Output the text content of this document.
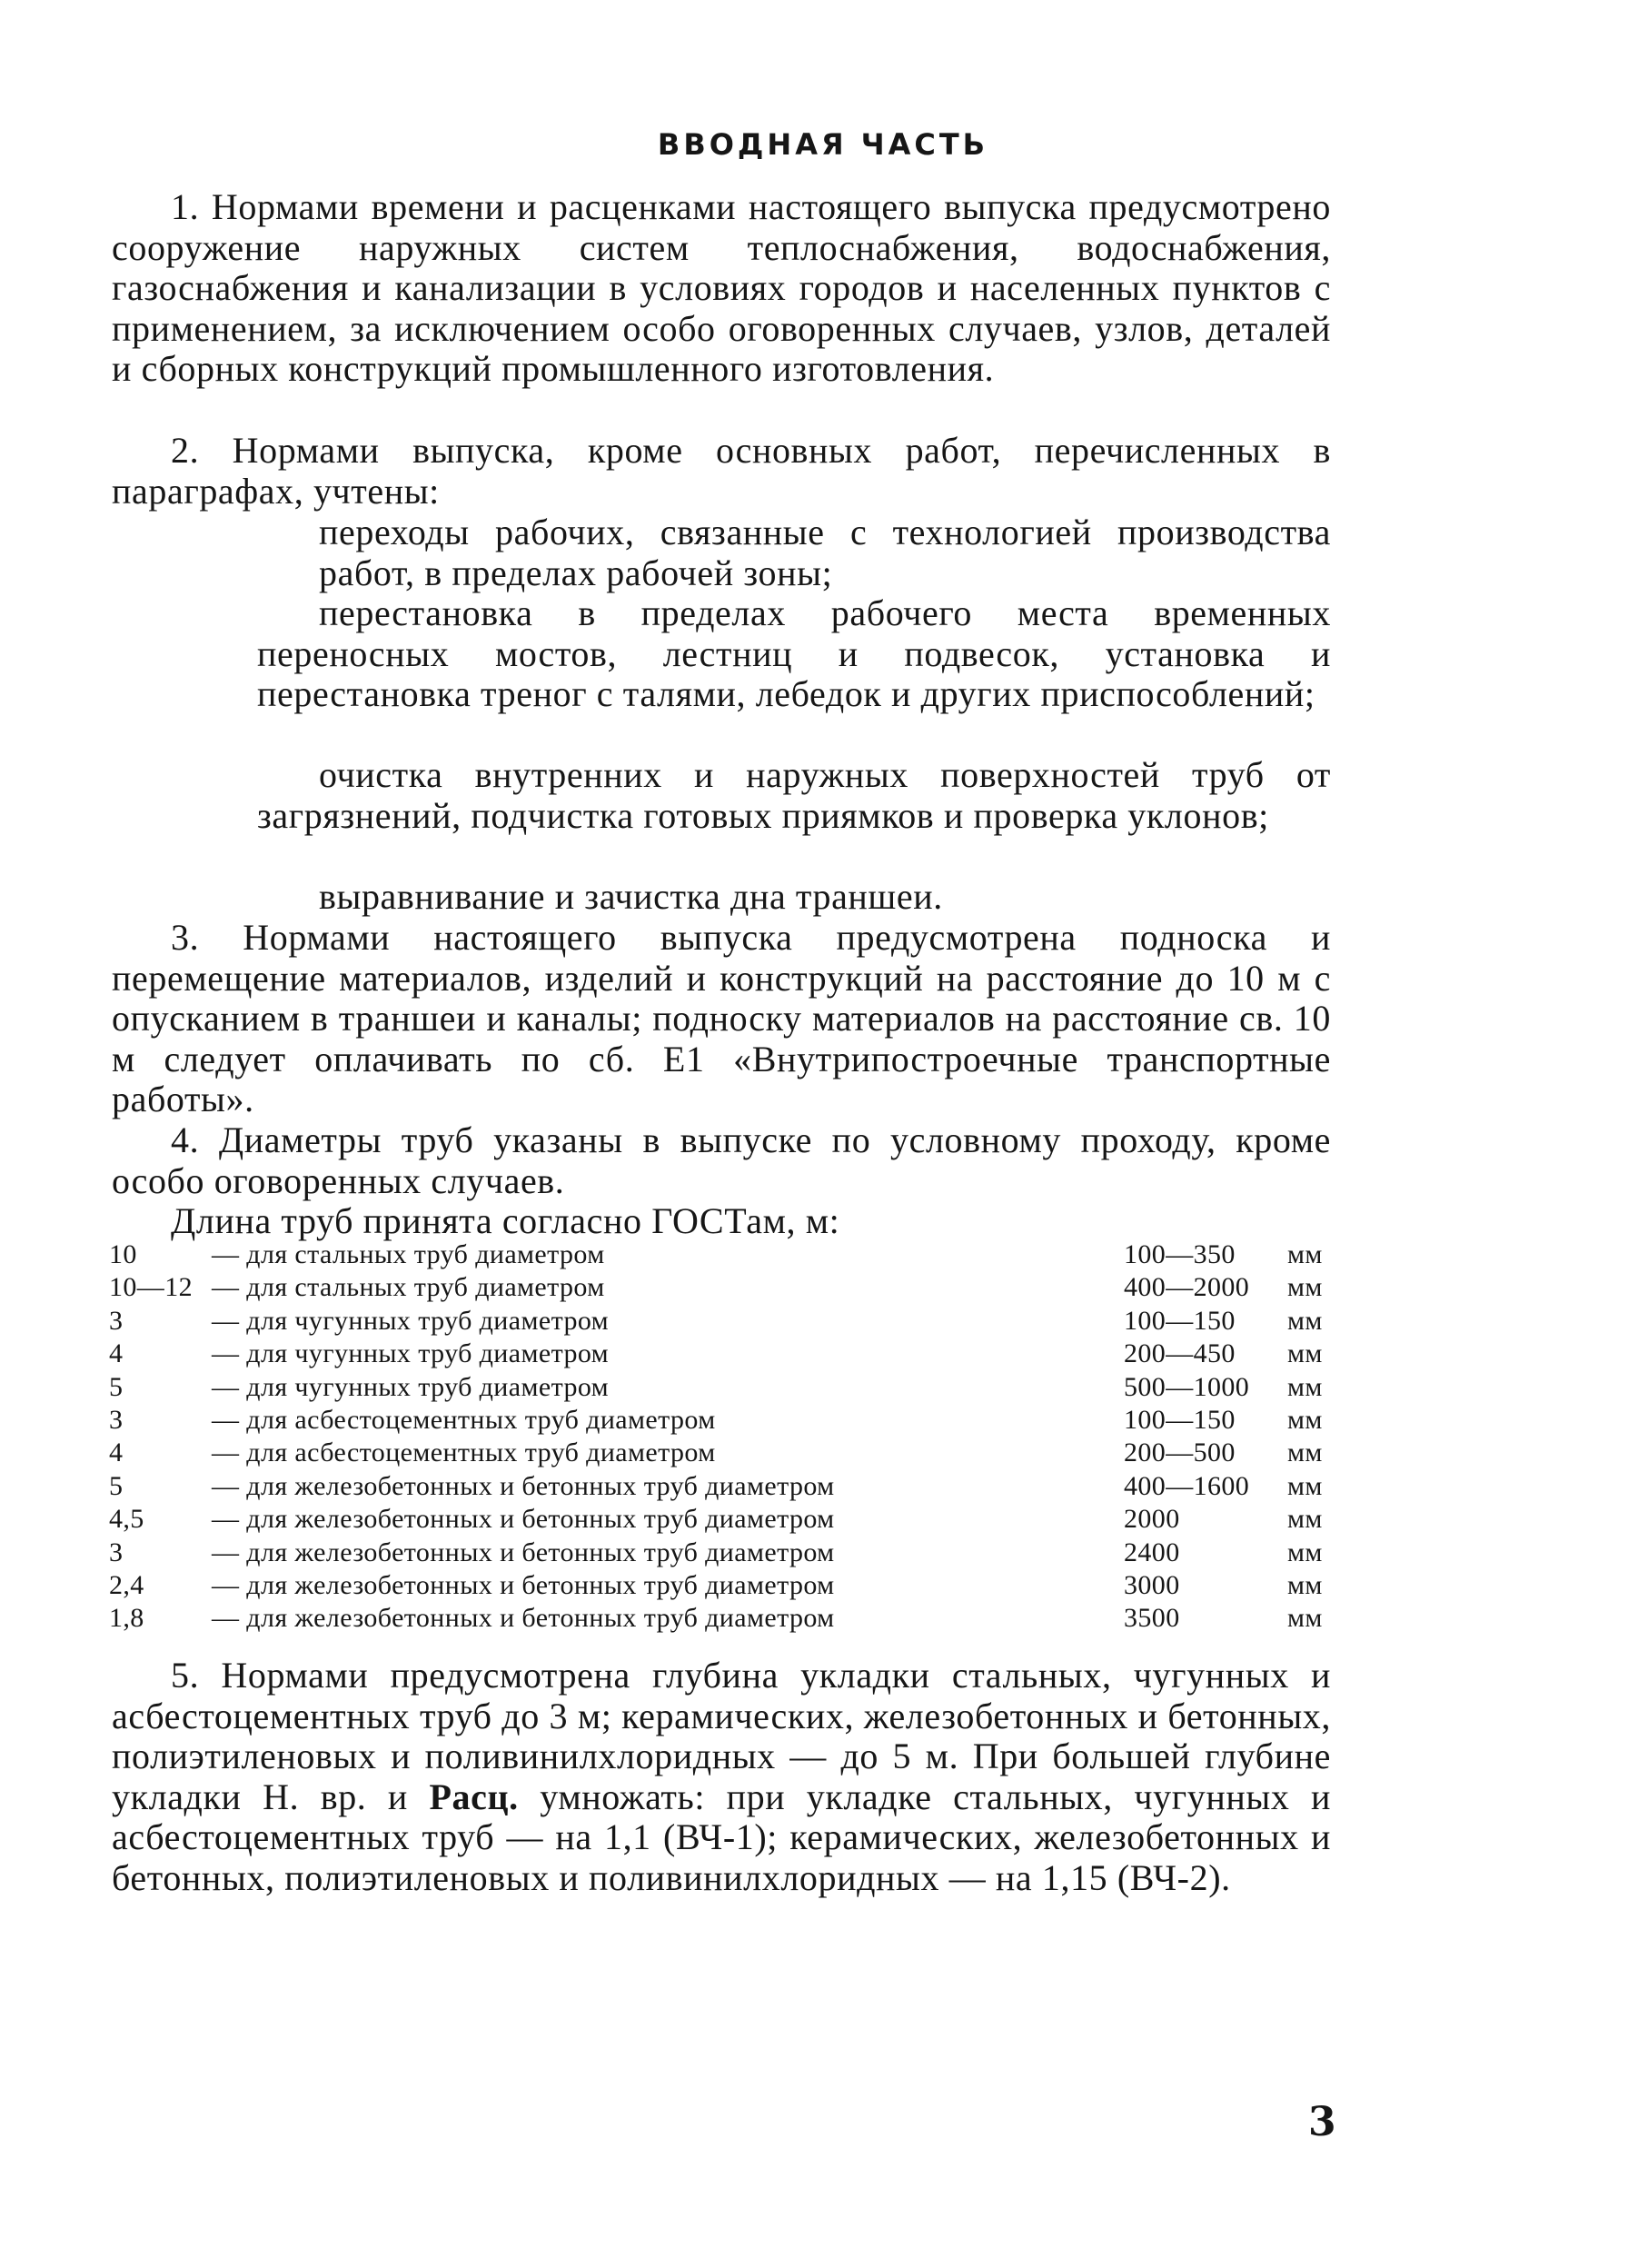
ВВОДНАЯ ЧАСТЬ
1. Нормами времени и расценками настоящего выпуска предусмотрено сооружение наружных систем теплоснабжения, водоснабжения, газоснабжения и канализации в условиях городов и населенных пунктов с применением, за исключением особо оговоренных случаев, узлов, деталей и сборных конструкций промышленного изготовления.
2. Нормами выпуска, кроме основных работ, перечисленных в параграфах, учтены:
переходы рабочих, связанные с технологией производства работ, в пределах рабочей зоны;
перестановка в пределах рабочего места временных переносных мостов, лестниц и подвесок, установка и перестановка треног с талями, лебедок и других приспособлений;
очистка внутренних и наружных поверхностей труб от загрязнений, подчистка готовых приямков и проверка уклонов;
выравнивание и зачистка дна траншеи.
3. Нормами настоящего выпуска предусмотрена подноска и перемещение материалов, изделий и конструкций на расстояние до 10 м с опусканием в траншеи и каналы; подноску материалов на расстояние св. 10 м следует оплачивать по сб. Е1 «Внутрипостроечные транспортные работы».
4. Диаметры труб указаны в выпуске по условному проходу, кроме особо оговоренных случаев.
Длина труб принята согласно ГОСТам, м:
10	— для стальных труб диаметром	100—350 мм
10—12 — для стальных труб диаметром	400—2000 мм
3	— для чугунных труб диаметром	100—150 мм
4	— для чугунных труб диаметром	200—450 мм
5	— для чугунных труб диаметром	500—1000 мм
3	— для асбестоцементных труб диаметром	100—150 мм
4	— для асбестоцементных труб диаметром	200—500 мм
5	— для железобетонных и бетонных труб диаметром	400—1600 мм
4,5 — для железобетонных и бетонных труб диаметром	2000	мм
3	— для железобетонных и бетонных труб диаметром	2400	мм
2,4 — для железобетонных и бетонных труб диаметром	3000	мм
1,8 — для железобетонных и бетонных труб диаметром	3500	мм
5. Нормами предусмотрена глубина укладки стальных, чугунных и асбестоцементных труб до 3 м; керамических, железобетонных и бетонных, полиэтиленовых и поливинилхлоридных — до 5 м. При большей глубине укладки Н. вр. и Расц. умножать: при укладке стальных, чугунных и асбестоцементных труб — на 1,1 (ВЧ-1); керамических, железобетонных и бетонных, полиэтиленовых и поливинилхлоридных — на 1,15 (ВЧ-2).
3
